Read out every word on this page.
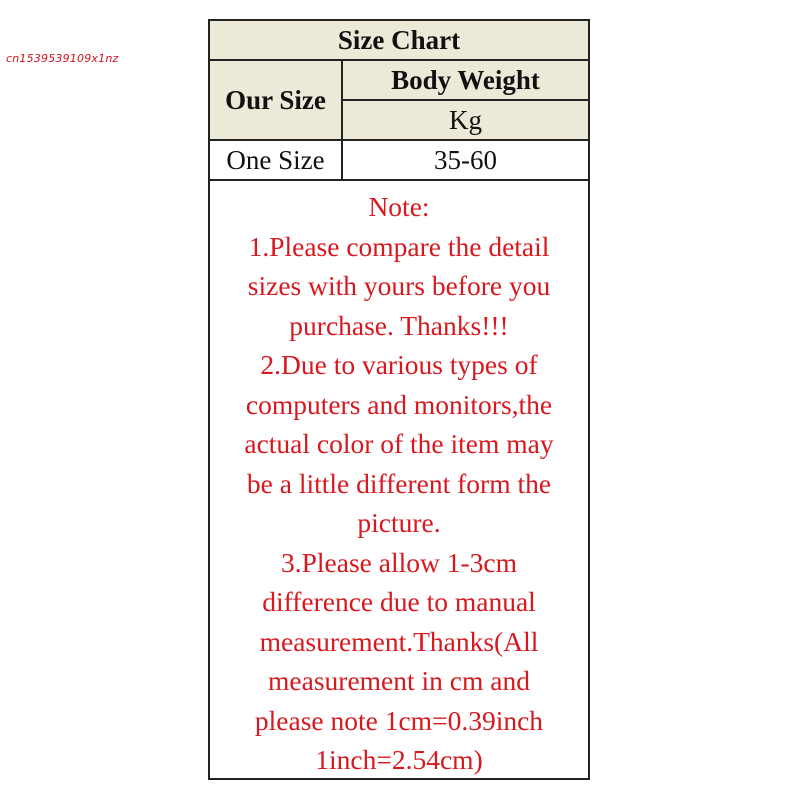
cn1539539109x1nz
Size Chart
Our Size
Body Weight
Kg
One Size	35-60
Note:
1.Please compare the detail
sizes with yours before you
purchase. Thanks!!!
2.Due to various types of
computers and monitors,the
actual color of the item may
be a little different form the
picture.
3.Please allow 1-3cm
difference due to manual
measurement.Thanks(All
measurement in cm and
please note 1cm=0.39inch
1inch=2.54cm)
